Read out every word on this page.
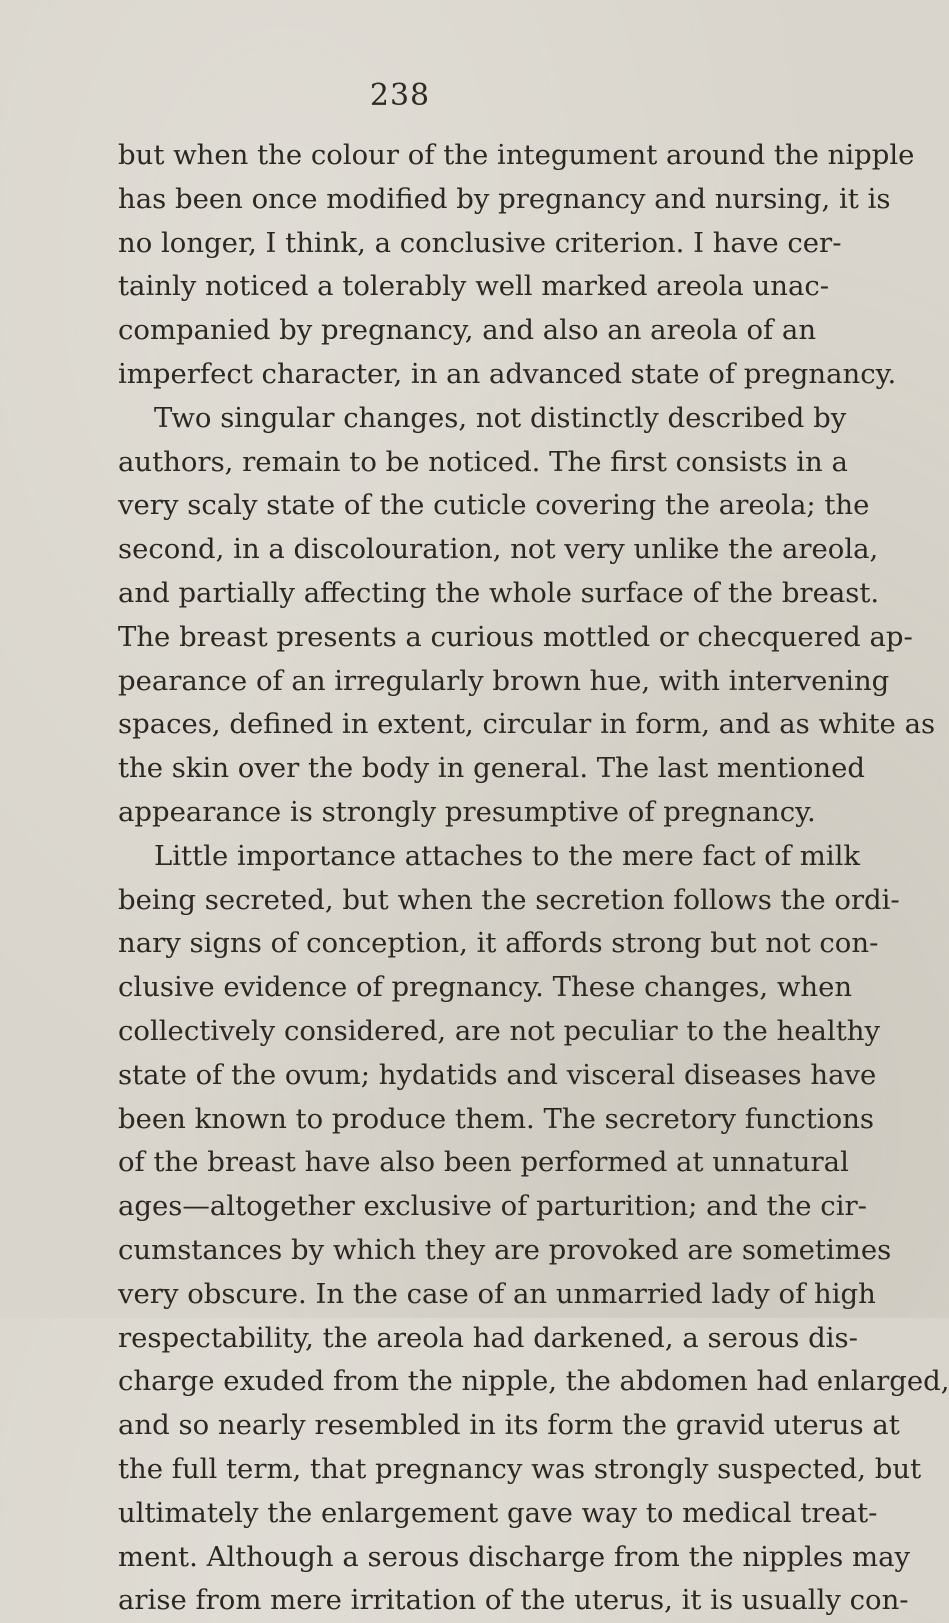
238
but when the colour of the integument around the nipple
has been once modified by pregnancy and nursing, it is
no longer, I think, a conclusive criterion. I have cer-
tainly noticed a tolerably well marked areola unac-
companied by pregnancy, and also an areola of an
imperfect character, in an advanced state of pregnancy.
Two singular changes, not distinctly described by
authors, remain to be noticed. The first consists in a
very scaly state of the cuticle covering the areola; the
second, in a discolouration, not very unlike the areola,
and partially affecting the whole surface of the breast.
The breast presents a curious mottled or checquered ap-
pearance of an irregularly brown hue, with intervening
spaces, defined in extent, circular in form, and as white as
the skin over the body in general. The last mentioned
appearance is strongly presumptive of pregnancy.
Little importance attaches to the mere fact of milk
being secreted, but when the secretion follows the ordi-
nary signs of conception, it affords strong but not con-
clusive evidence of pregnancy. These changes, when
collectively considered, are not peculiar to the healthy
state of the ovum; hydatids and visceral diseases have
been known to produce them. The secretory functions
of the breast have also been performed at unnatural
ages—altogether exclusive of parturition; and the cir-
cumstances by which they are provoked are sometimes
very obscure. In the case of an unmarried lady of high
respectability, the areola had darkened, a serous dis-
charge exuded from the nipple, the abdomen had enlarged,
and so nearly resembled in its form the gravid uterus at
the full term, that pregnancy was strongly suspected, but
ultimately the enlargement gave way to medical treat-
ment. Although a serous discharge from the nipples may
arise from mere irritation of the uterus, it is usually con-
